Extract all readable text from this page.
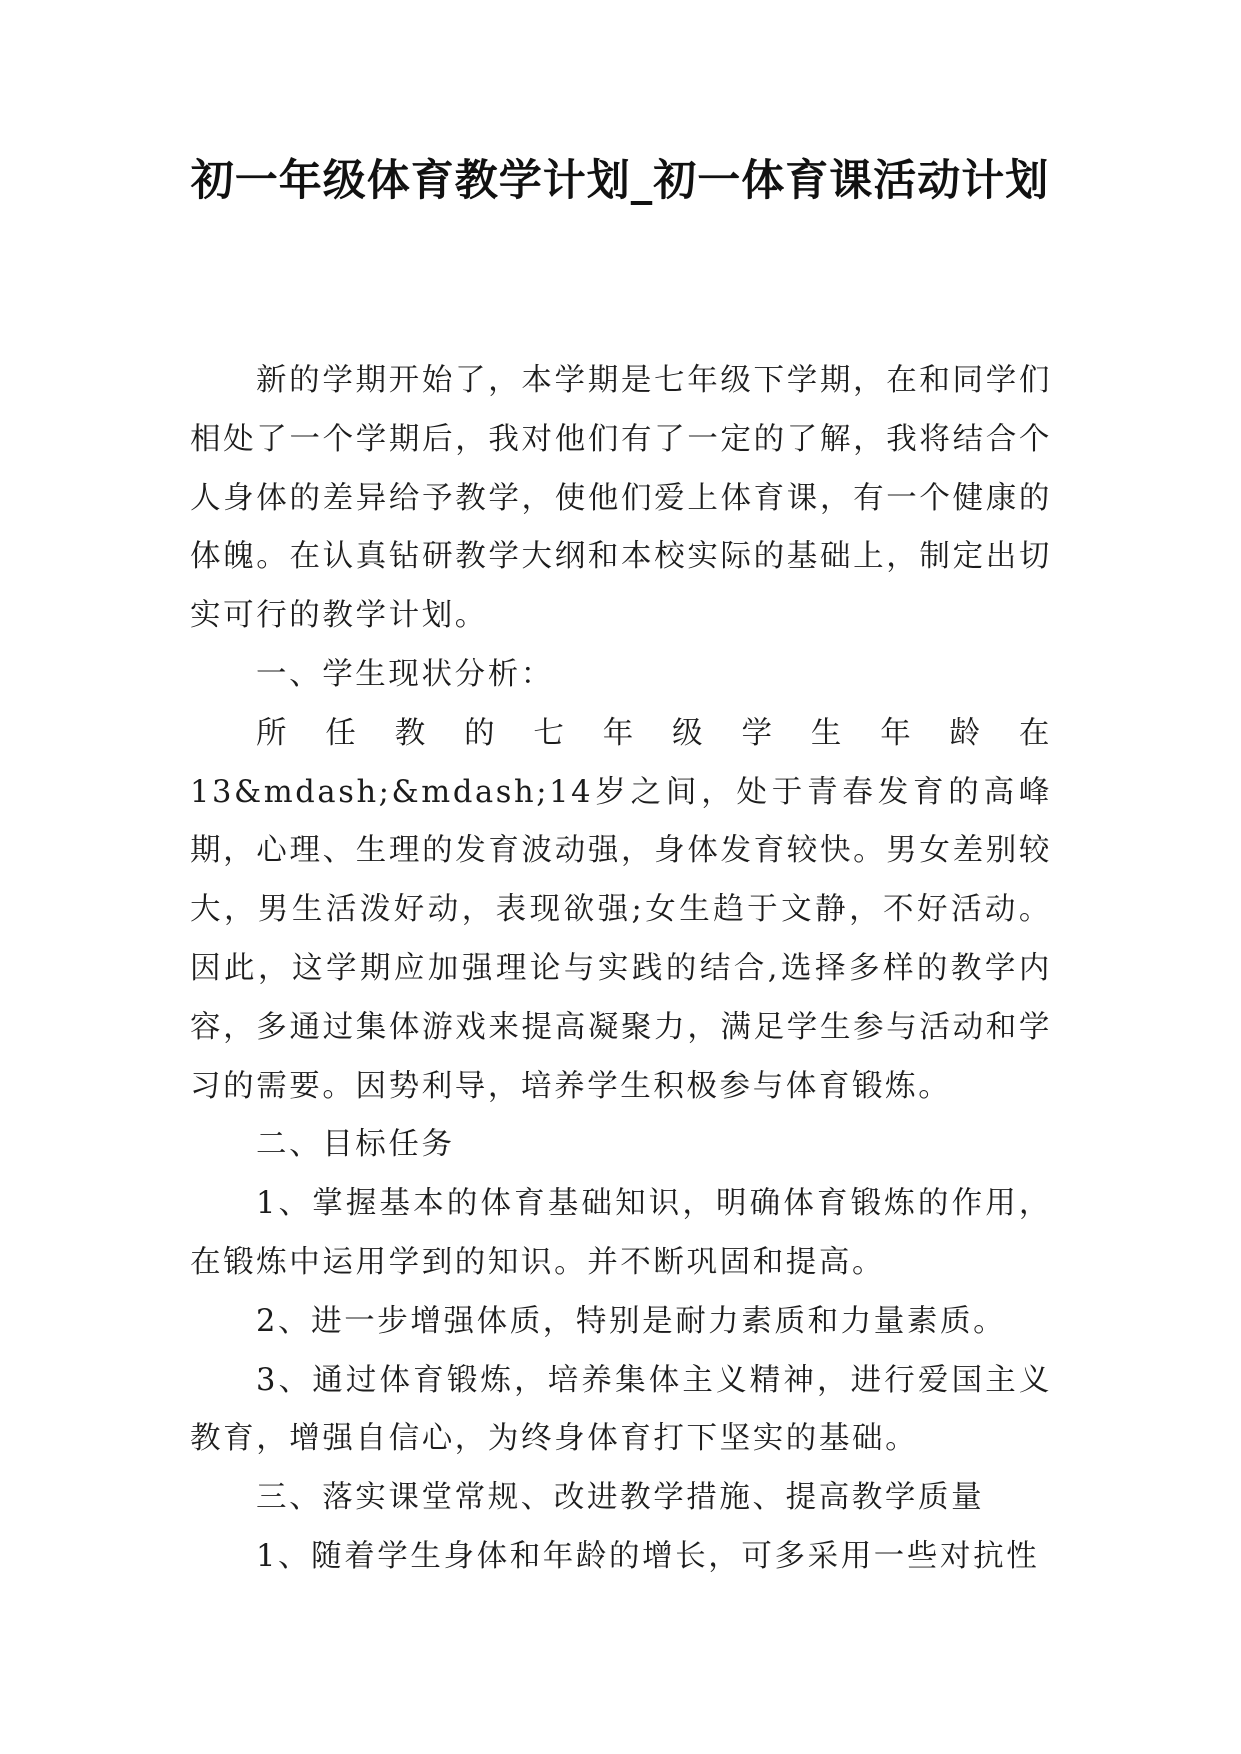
初一年级体育教学计划_初一体育课活动计划

新的学期开始了，本学期是七年级下学期，在和同学们相处了一个学期后，我对他们有了一定的了解，我将结合个人身体的差异给予教学，使他们爱上体育课，有一个健康的体魄。在认真钻研教学大纲和本校实际的基础上，制定出切实可行的教学计划。

一、学生现状分析：

所任教的七年级学生年龄在13&mdash;&mdash;14岁之间，处于青春发育的高峰期，心理、生理的发育波动强，身体发育较快。男女差别较大，男生活泼好动，表现欲强;女生趋于文静，不好活动。因此，这学期应加强理论与实践的结合,选择多样的教学内容，多通过集体游戏来提高凝聚力，满足学生参与活动和学习的需要。因势利导，培养学生积极参与体育锻炼。

二、目标任务

1、掌握基本的体育基础知识，明确体育锻炼的作用，在锻炼中运用学到的知识。并不断巩固和提高。

2、进一步增强体质，特别是耐力素质和力量素质。

3、通过体育锻炼，培养集体主义精神，进行爱国主义教育，增强自信心，为终身体育打下坚实的基础。

三、落实课堂常规、改进教学措施、提高教学质量

1、随着学生身体和年龄的增长，可多采用一些对抗性
